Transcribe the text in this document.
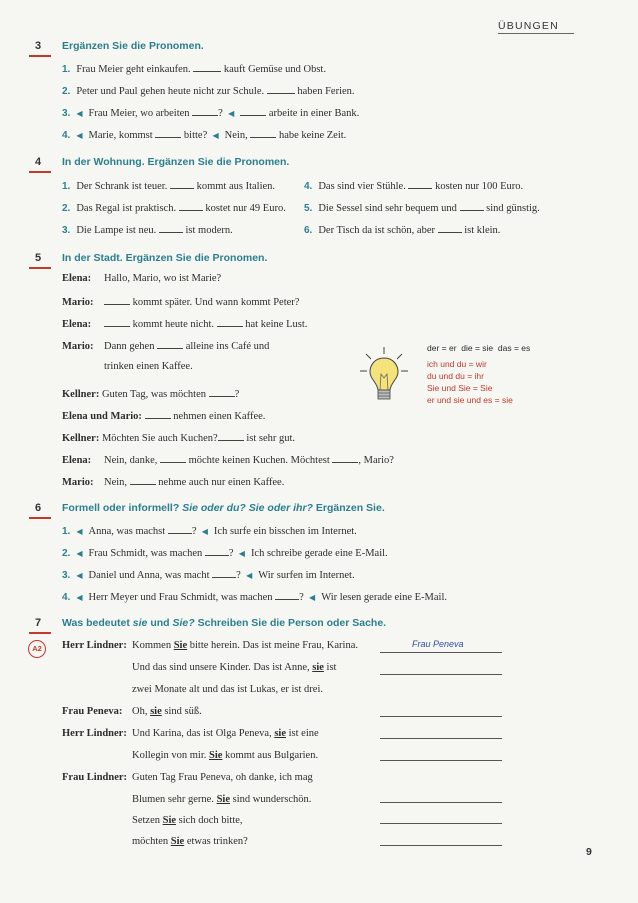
ÜBUNGEN
3	Ergänzen Sie die Pronomen.
1. Frau Meier geht einkaufen.	kauft Gemüse und Obst.
2. Peter und Paul gehen heute nicht zur Schule.	haben Ferien.
3. ◀ Frau Meier, wo arbeiten	? ◀	arbeite in einer Bank.
4. ◀ Marie, kommst	bitte? ◀ Nein,	habe keine Zeit.
4	In der Wohnung. Ergänzen Sie die Pronomen.
1. Der Schrank ist teuer.	kommt aus Italien.
2. Das Regal ist praktisch.	kostet nur 49 Euro.
3. Die Lampe ist neu.	ist modern.
4. Das sind vier Stühle.	kosten nur 100 Euro.
5. Die Sessel sind sehr bequem und	sind günstig.
6. Der Tisch da ist schön, aber	ist klein.
5	In der Stadt. Ergänzen Sie die Pronomen.
Elena: Hallo, Mario, wo ist Marie?
Mario:	kommt später. Und wann kommt Peter?
Elena:	kommt heute nicht.	hat keine Lust.
Mario: Dann gehen	alleine ins Café und
trinken einen Kaffee.
Kellner: Guten Tag, was möchten	?
Elena und Mario:	nehmen einen Kaffee.
Kellner: Möchten Sie auch Kuchen?	ist sehr gut.
Elena: Nein, danke,	möchte keinen Kuchen. Möchtest	, Mario?
Mario: Nein,	nehme auch nur einen Kaffee.
der = er die = sie das = es
ich und du = wir
du und du = ihr
Sie und Sie = Sie
er und sie und es = sie
6	Formell oder informell? Sie oder du? Sie oder ihr? Ergänzen Sie.
1. ◀ Anna, was machst	? ◀ Ich surfe ein bisschen im Internet.
2. ◀ Frau Schmidt, was machen	? ◀ Ich schreibe gerade eine E-Mail.
3. ◀ Daniel und Anna, was macht	? ◀ Wir surfen im Internet.
4. ◀ Herr Meyer und Frau Schmidt, was machen	? ◀ Wir lesen gerade eine E-Mail.
7	Was bedeutet sie und Sie? Schreiben Sie die Person oder Sache.
A2	Herr Lindner: Kommen Sie bitte herein. Das ist meine Frau, Karina.	Frau Peneva
Und das sind unsere Kinder. Das ist Anne, sie ist
zwei Monate alt und das ist Lukas, er ist drei.
Frau Peneva: Oh, sie sind süß.
Herr Lindner: Und Karina, das ist Olga Peneva, sie ist eine
Kollegin von mir. Sie kommt aus Bulgarien.
Frau Lindner: Guten Tag Frau Peneva, oh danke, ich mag
Blumen sehr gerne. Sie sind wunderschön.
Setzen Sie sich doch bitte,
möchten Sie etwas trinken?
9
